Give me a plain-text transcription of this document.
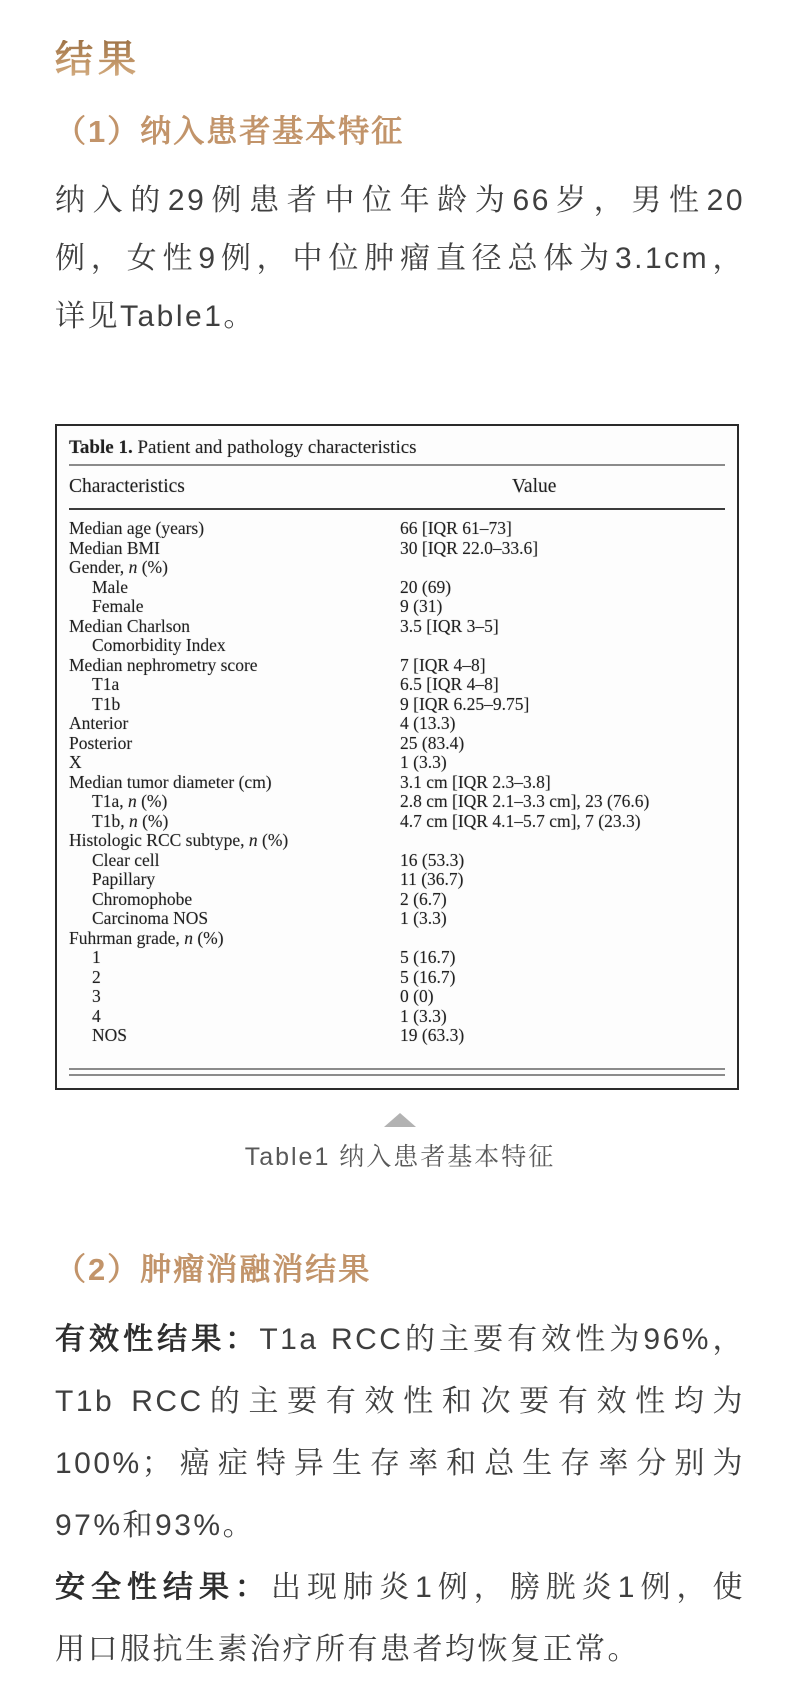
结果
（1）纳入患者基本特征
纳入的29例患者中位年龄为66岁，男性20
例，女性9例，中位肿瘤直径总体为3.1cm，
详见Table1。
Table 1. Patient and pathology characteristics
Characteristics	Value
Median age (years)	66 [IQR 61–73]
Median BMI	30 [IQR 22.0–33.6]
Gender, n (%)
Male	20 (69)
Female	9 (31)
Median Charlson	3.5 [IQR 3–5]
Comorbidity Index
Median nephrometry score	7 [IQR 4–8]
T1a	6.5 [IQR 4–8]
T1b	9 [IQR 6.25–9.75]
Anterior	4 (13.3)
Posterior	25 (83.4)
X	1 (3.3)
Median tumor diameter (cm)	3.1 cm [IQR 2.3–3.8]
T1a, n (%)	2.8 cm [IQR 2.1–3.3 cm], 23 (76.6)
T1b, n (%)	4.7 cm [IQR 4.1–5.7 cm], 7 (23.3)
Histologic RCC subtype, n (%)
Clear cell	16 (53.3)
Papillary	11 (36.7)
Chromophobe	2 (6.7)
Carcinoma NOS	1 (3.3)
Fuhrman grade, n (%)
1	5 (16.7)
2	5 (16.7)
3	0 (0)
4	1 (3.3)
NOS	19 (63.3)
Table1 纳入患者基本特征
（2）肿瘤消融消结果
有效性结果：T1a RCC的主要有效性为96%，
T1b RCC的主要有效性和次要有效性均为
100%；癌症特异生存率和总生存率分别为
97%和93%。
安全性结果：出现肺炎1例，膀胱炎1例，使
用口服抗生素治疗所有患者均恢复正常。
